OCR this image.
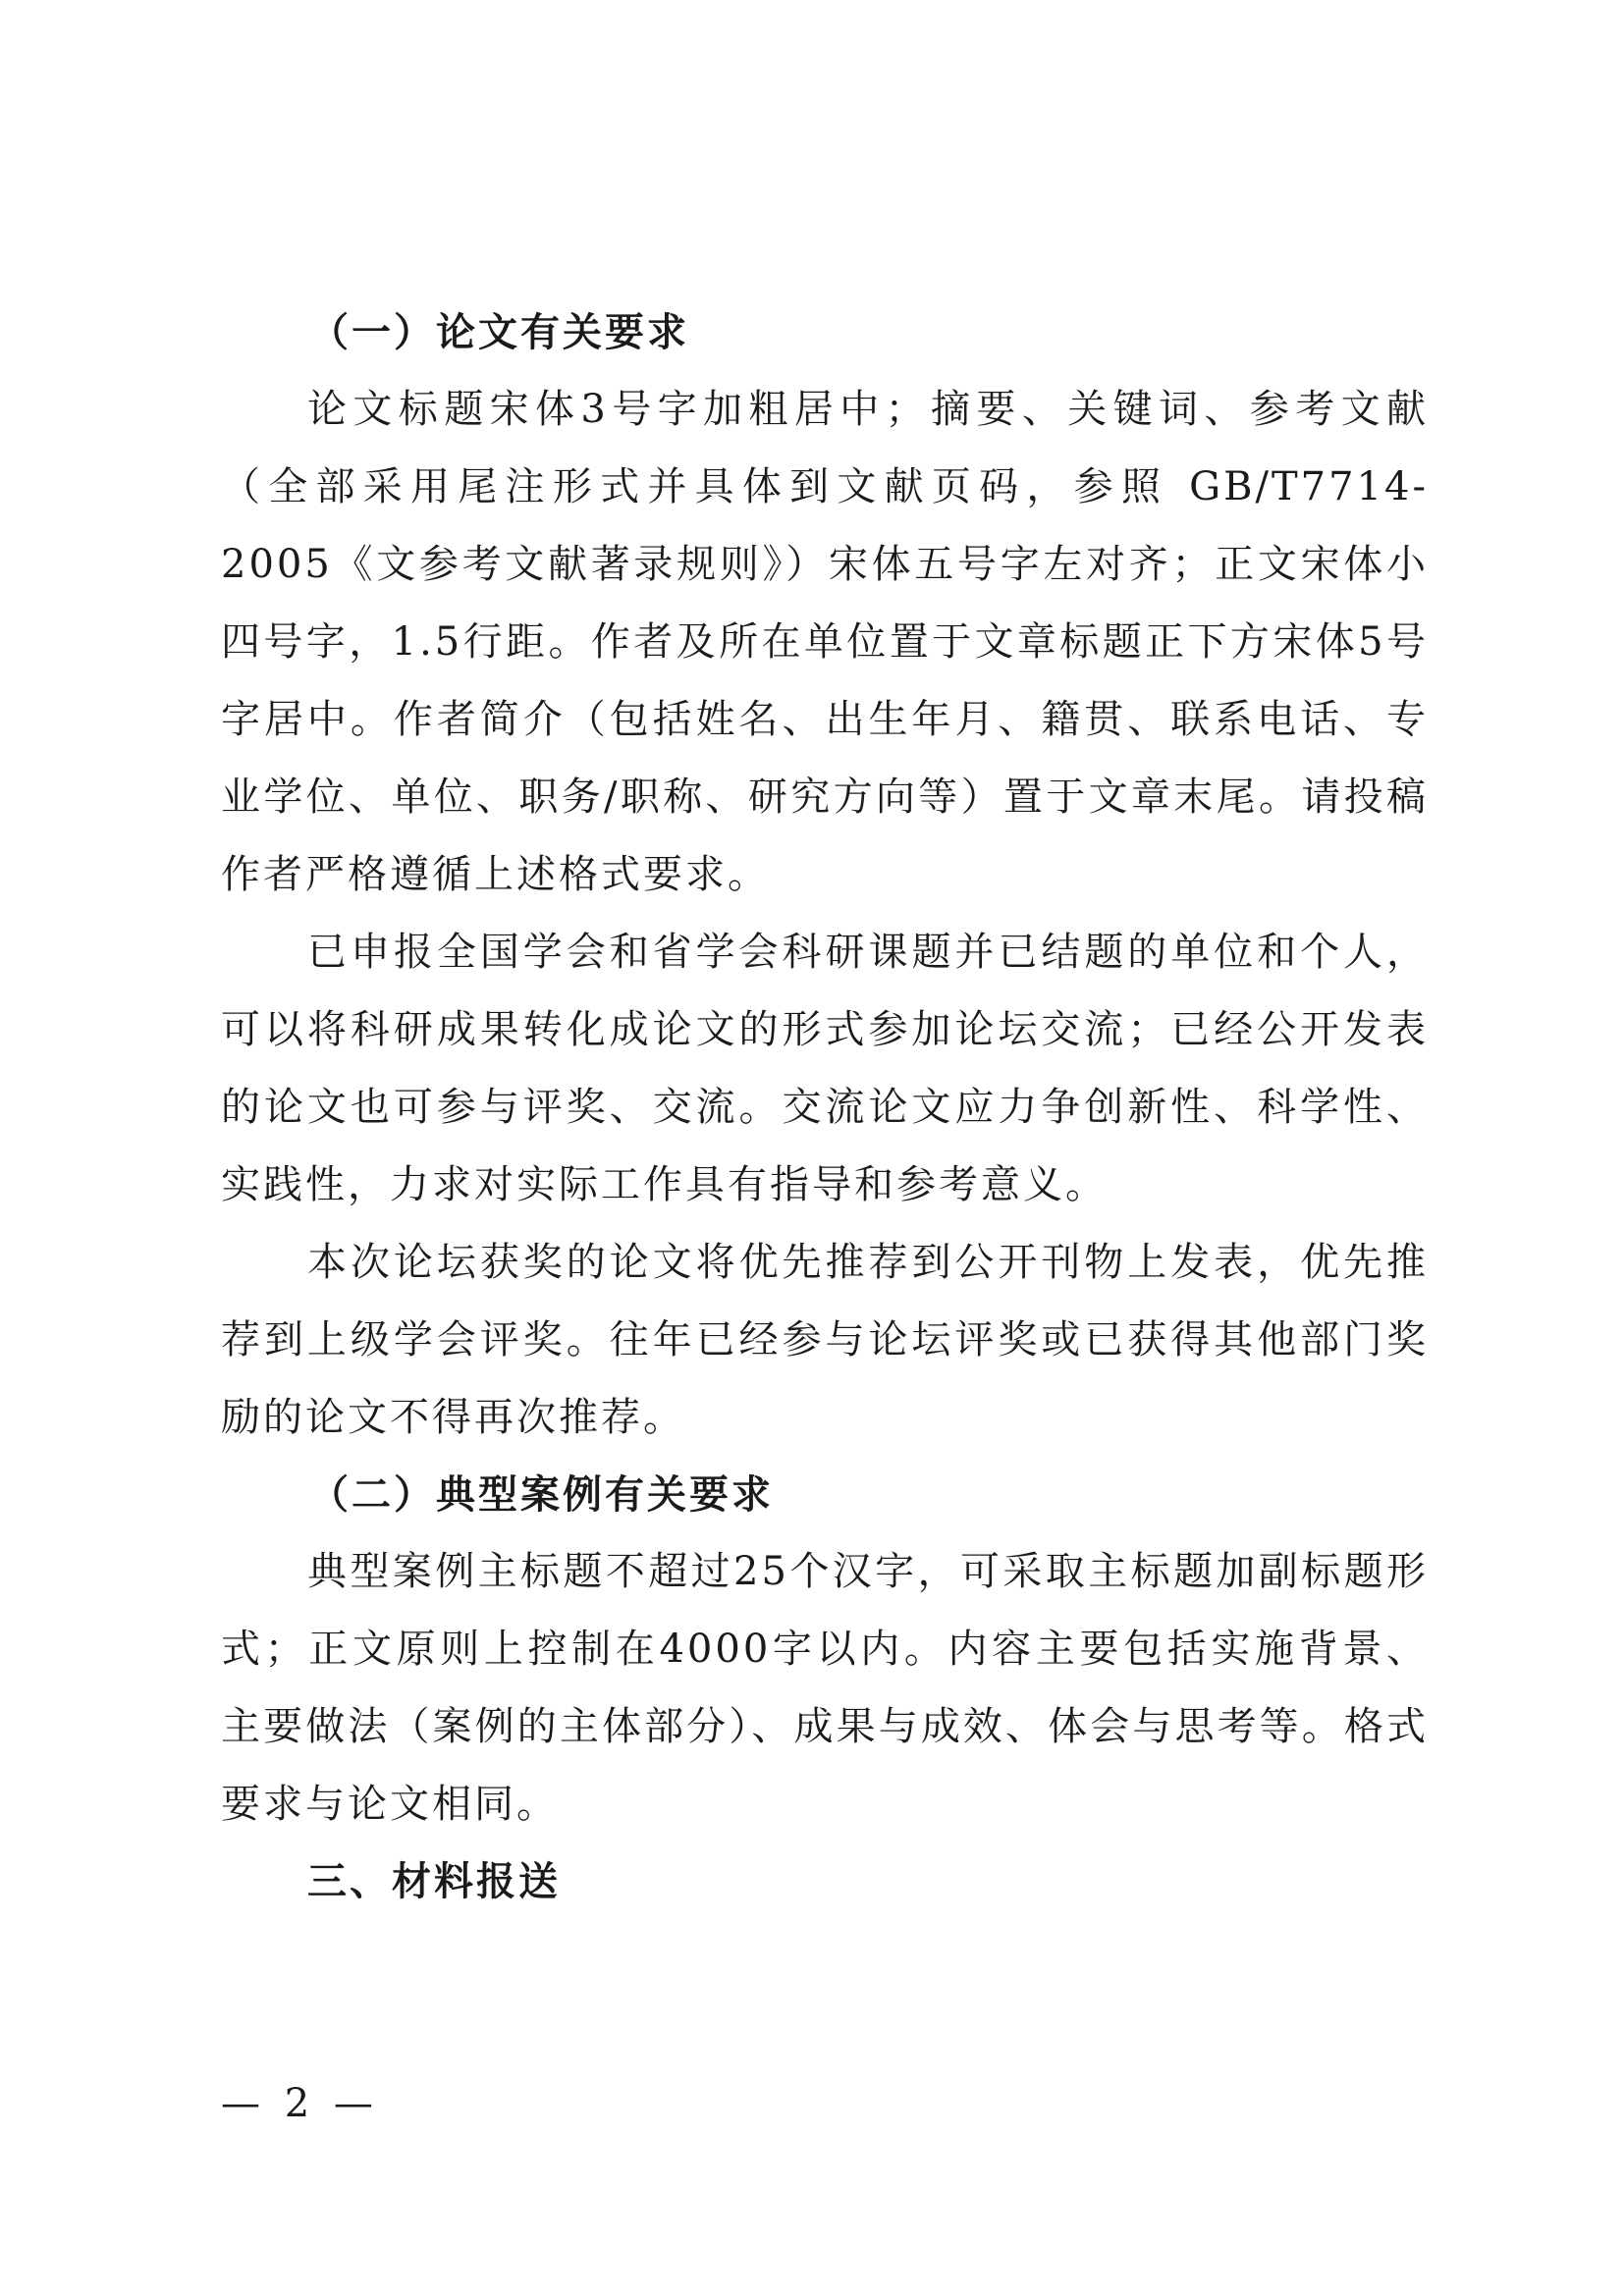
（一）论文有关要求

论文标题宋体3号字加粗居中；摘要、关键词、参考文献（全部采用尾注形式并具体到文献页码，参照 GB/T7714-2005《文参考文献著录规则》）宋体五号字左对齐；正文宋体小四号字，1.5行距。作者及所在单位置于文章标题正下方宋体5号字居中。作者简介（包括姓名、出生年月、籍贯、联系电话、专业学位、单位、职务/职称、研究方向等）置于文章末尾。请投稿作者严格遵循上述格式要求。

已申报全国学会和省学会科研课题并已结题的单位和个人，可以将科研成果转化成论文的形式参加论坛交流；已经公开发表的论文也可参与评奖、交流。交流论文应力争创新性、科学性、实践性，力求对实际工作具有指导和参考意义。

本次论坛获奖的论文将优先推荐到公开刊物上发表，优先推荐到上级学会评奖。往年已经参与论坛评奖或已获得其他部门奖励的论文不得再次推荐。

（二）典型案例有关要求

典型案例主标题不超过25个汉字，可采取主标题加副标题形式；正文原则上控制在4000字以内。内容主要包括实施背景、主要做法（案例的主体部分）、成果与成效、体会与思考等。格式要求与论文相同。

三、材料报送

— 2 —
